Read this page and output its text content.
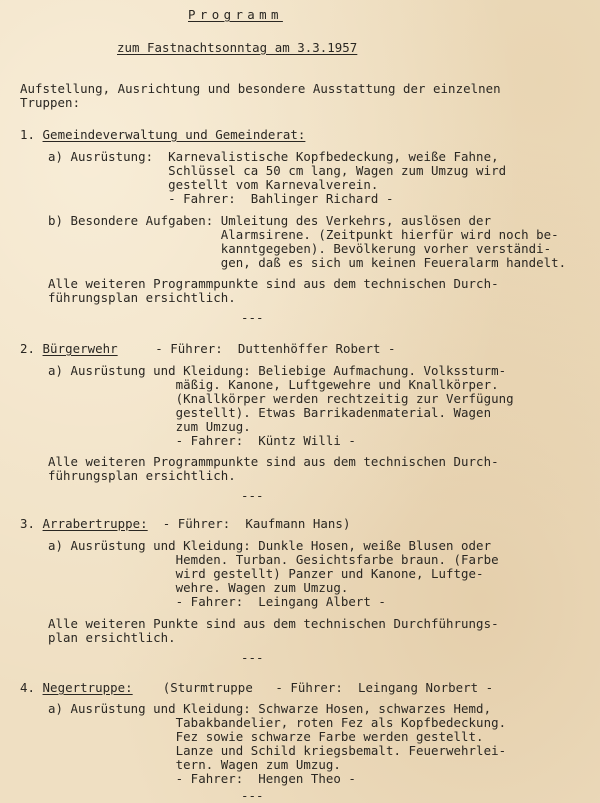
Programm

zum Fastnachtsonntag am 3.3.1957

Aufstellung, Ausrichtung und besondere Ausstattung der einzelnen

Truppen:

1. Gemeindeverwaltung und Gemeinderat:

a) Ausrüstung:  Karnevalistische Kopfbedeckung, weiße Fahne,

Schlüssel ca 50 cm lang, Wagen zum Umzug wird

gestellt vom Karnevalverein.

- Fahrer:  Bahlinger Richard -

b) Besondere Aufgaben: Umleitung des Verkehrs, auslösen der

Alarmsirene. (Zeitpunkt hierfür wird noch be-

kanntgegeben). Bevölkerung vorher verständi-

gen, daß es sich um keinen Feueralarm handelt.

Alle weiteren Programmpunkte sind aus dem technischen Durch-

führungsplan ersichtlich.

---

2. Bürgerwehr     - Führer:  Duttenhöffer Robert -

a) Ausrüstung und Kleidung: Beliebige Aufmachung. Volkssturm-

mäßig. Kanone, Luftgewehre und Knallkörper.

(Knallkörper werden rechtzeitig zur Verfügung

gestellt). Etwas Barrikadenmaterial. Wagen

zum Umzug.

- Fahrer:  Küntz Willi -

Alle weiteren Programmpunkte sind aus dem technischen Durch-

führungsplan ersichtlich.

---

3. Arrabertruppe:  - Führer:  Kaufmann Hans)

a) Ausrüstung und Kleidung: Dunkle Hosen, weiße Blusen oder

Hemden. Turban. Gesichtsfarbe braun. (Farbe

wird gestellt) Panzer und Kanone, Luftge-

wehre. Wagen zum Umzug.

- Fahrer:  Leingang Albert -

Alle weiteren Punkte sind aus dem technischen Durchführungs-

plan ersichtlich.

---

4. Negertruppe:    (Sturmtruppe   - Führer:  Leingang Norbert -

a) Ausrüstung und Kleidung: Schwarze Hosen, schwarzes Hemd,

Tabakbandelier, roten Fez als Kopfbedeckung.

Fez sowie schwarze Farbe werden gestellt.

Lanze und Schild kriegsbemalt. Feuerwehrlei-

tern. Wagen zum Umzug.

- Fahrer:  Hengen Theo -

---
